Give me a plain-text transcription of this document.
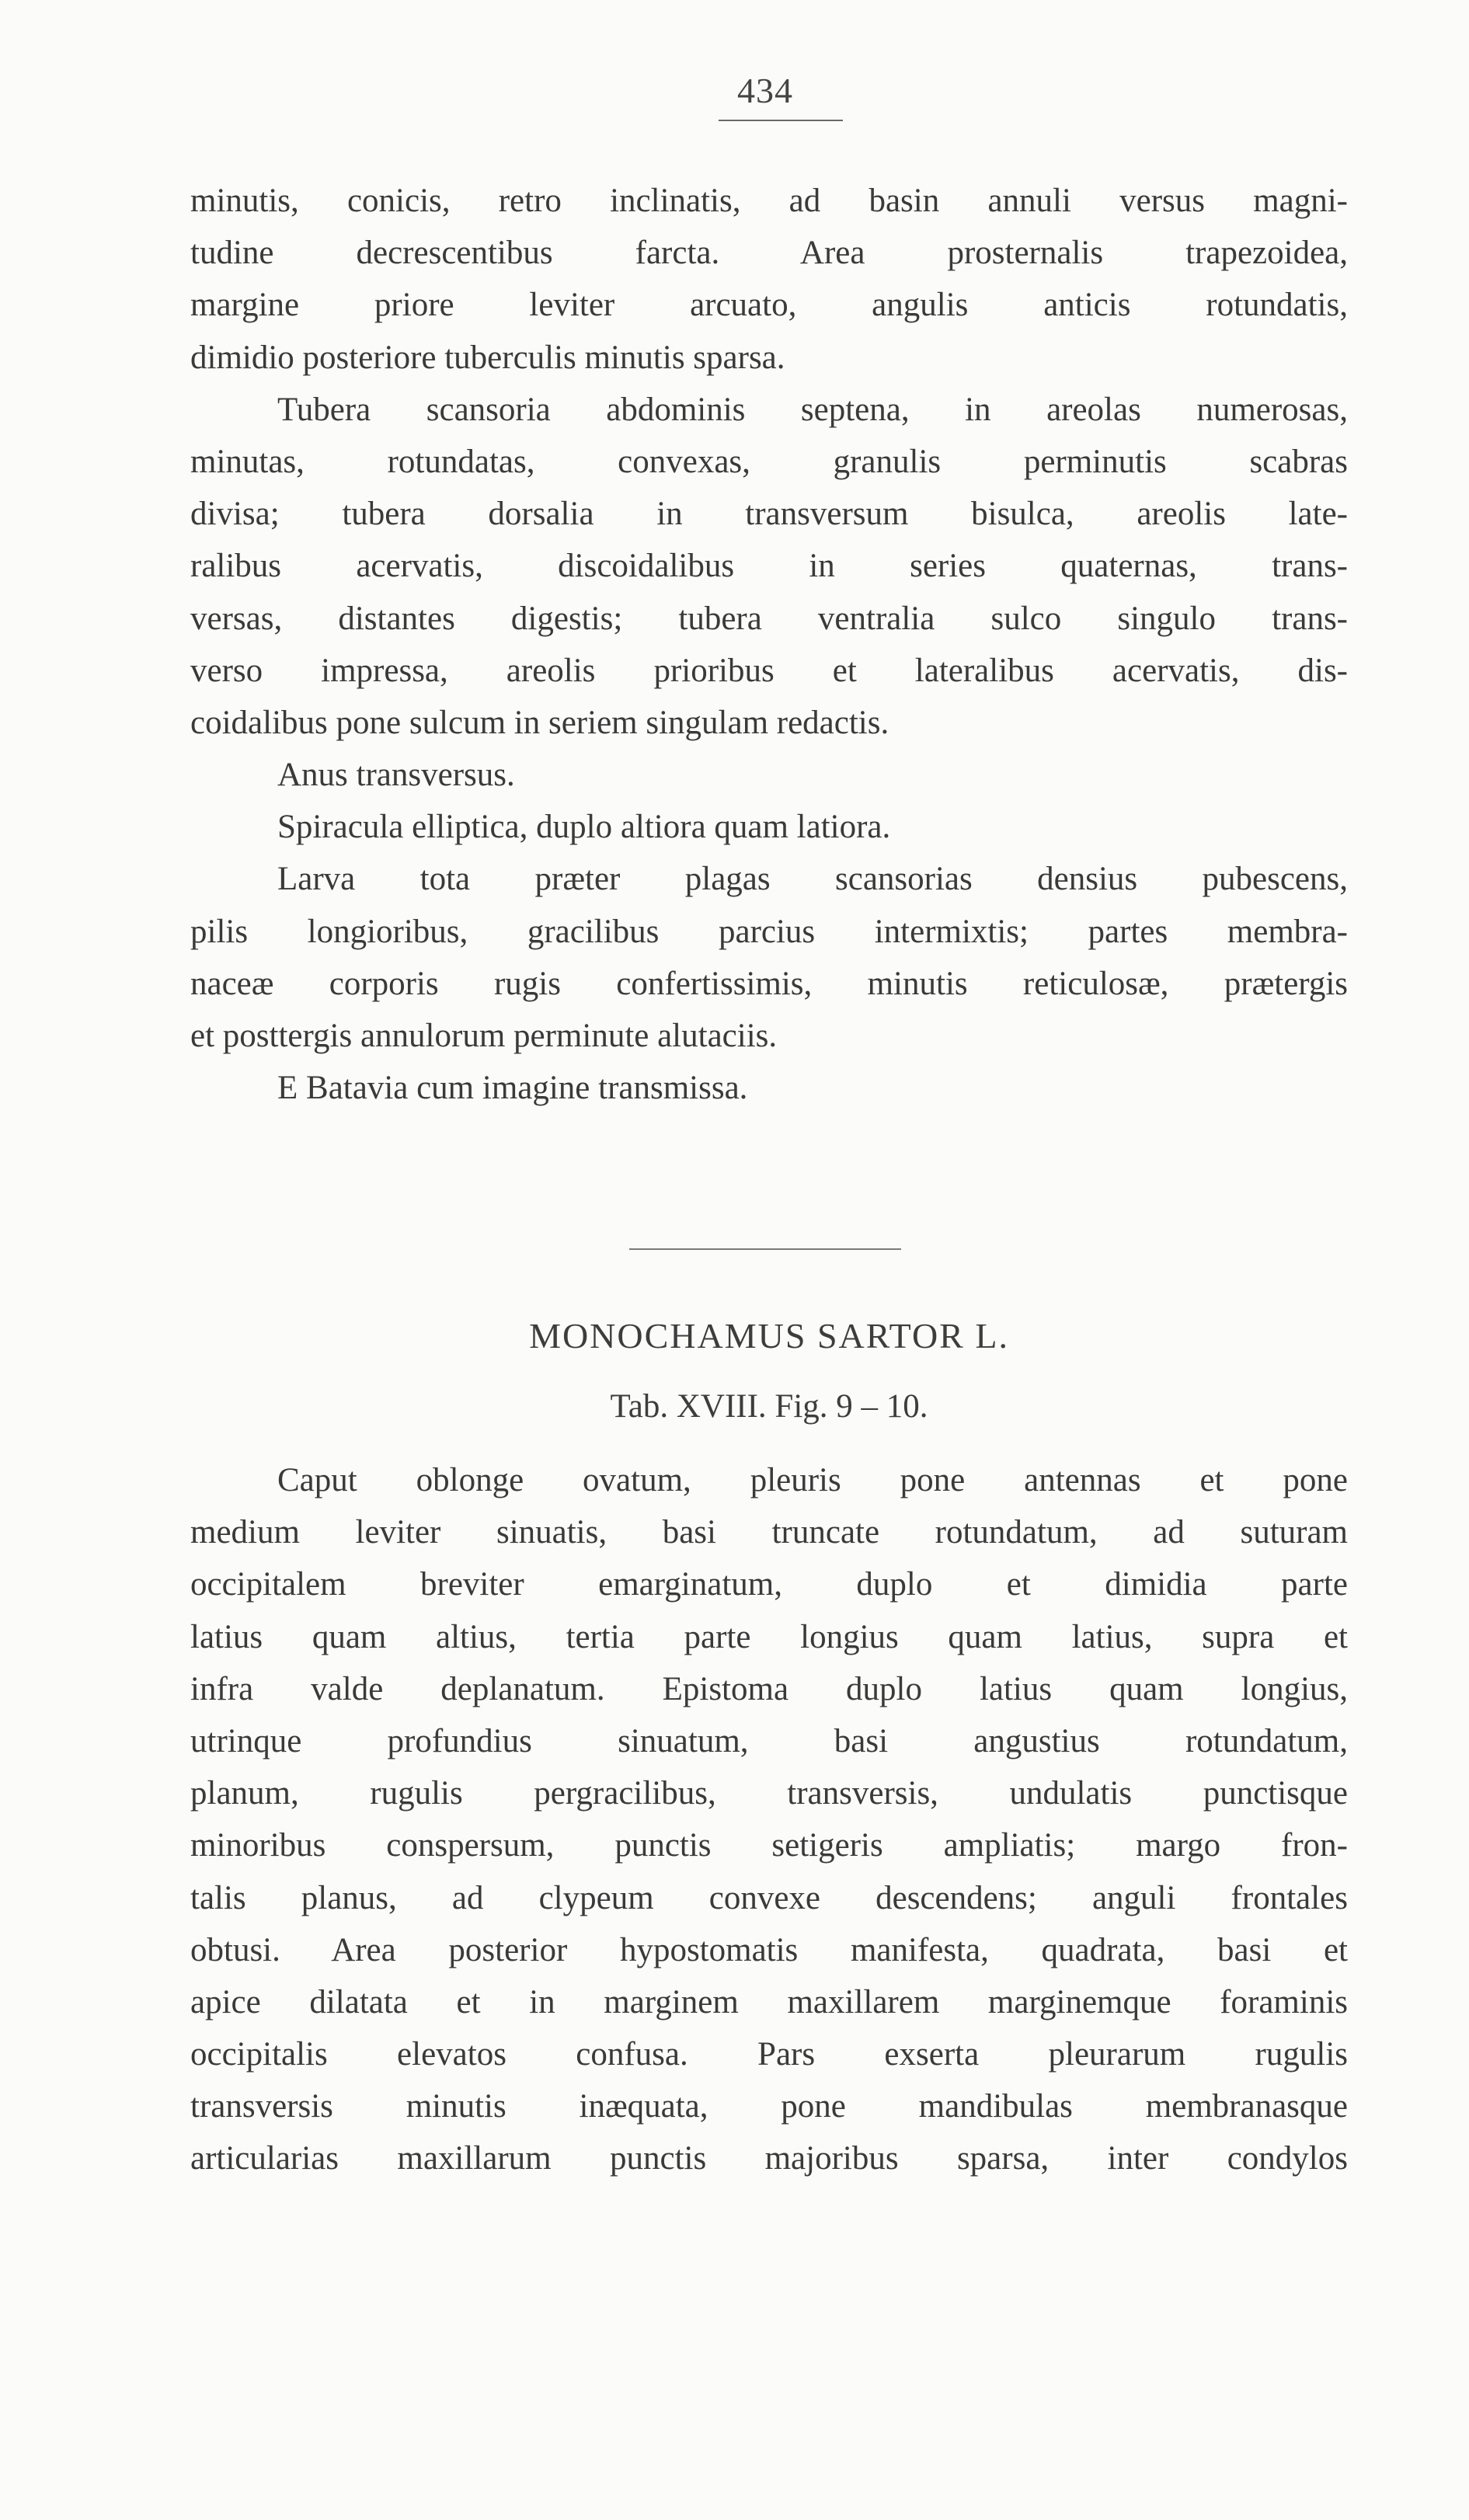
434
minutis, conicis, retro inclinatis, ad basin annuli versus magni-
tudine decrescentibus farcta. Area prosternalis trapezoidea,
margine priore leviter arcuato, angulis anticis rotundatis,
dimidio posteriore tuberculis minutis sparsa.
Tubera scansoria abdominis septena, in areolas numerosas,
minutas, rotundatas, convexas, granulis perminutis scabras
divisa; tubera dorsalia in transversum bisulca, areolis late-
ralibus acervatis, discoidalibus in series quaternas, trans-
versas, distantes digestis; tubera ventralia sulco singulo trans-
verso impressa, areolis prioribus et lateralibus acervatis, dis-
coidalibus pone sulcum in seriem singulam redactis.
Anus transversus.
Spiracula elliptica, duplo altiora quam latiora.
Larva tota præter plagas scansorias densius pubescens,
pilis longioribus, gracilibus parcius intermixtis; partes membra-
naceæ corporis rugis confertissimis, minutis reticulosæ, prætergis
et posttergis annulorum perminute alutaciis.
E Batavia cum imagine transmissa.
MONOCHAMUS SARTOR L.
Tab. XVIII. Fig. 9 – 10.
Caput oblonge ovatum, pleuris pone antennas et pone
medium leviter sinuatis, basi truncate rotundatum, ad suturam
occipitalem breviter emarginatum, duplo et dimidia parte
latius quam altius, tertia parte longius quam latius, supra et
infra valde deplanatum. Epistoma duplo latius quam longius,
utrinque profundius sinuatum, basi angustius rotundatum,
planum, rugulis pergracilibus, transversis, undulatis punctisque
minoribus conspersum, punctis setigeris ampliatis; margo fron-
talis planus, ad clypeum convexe descendens; anguli frontales
obtusi. Area posterior hypostomatis manifesta, quadrata, basi et
apice dilatata et in marginem maxillarem marginemque foraminis
occipitalis elevatos confusa. Pars exserta pleurarum rugulis
transversis minutis inæquata, pone mandibulas membranasque
articularias maxillarum punctis majoribus sparsa, inter condylos
